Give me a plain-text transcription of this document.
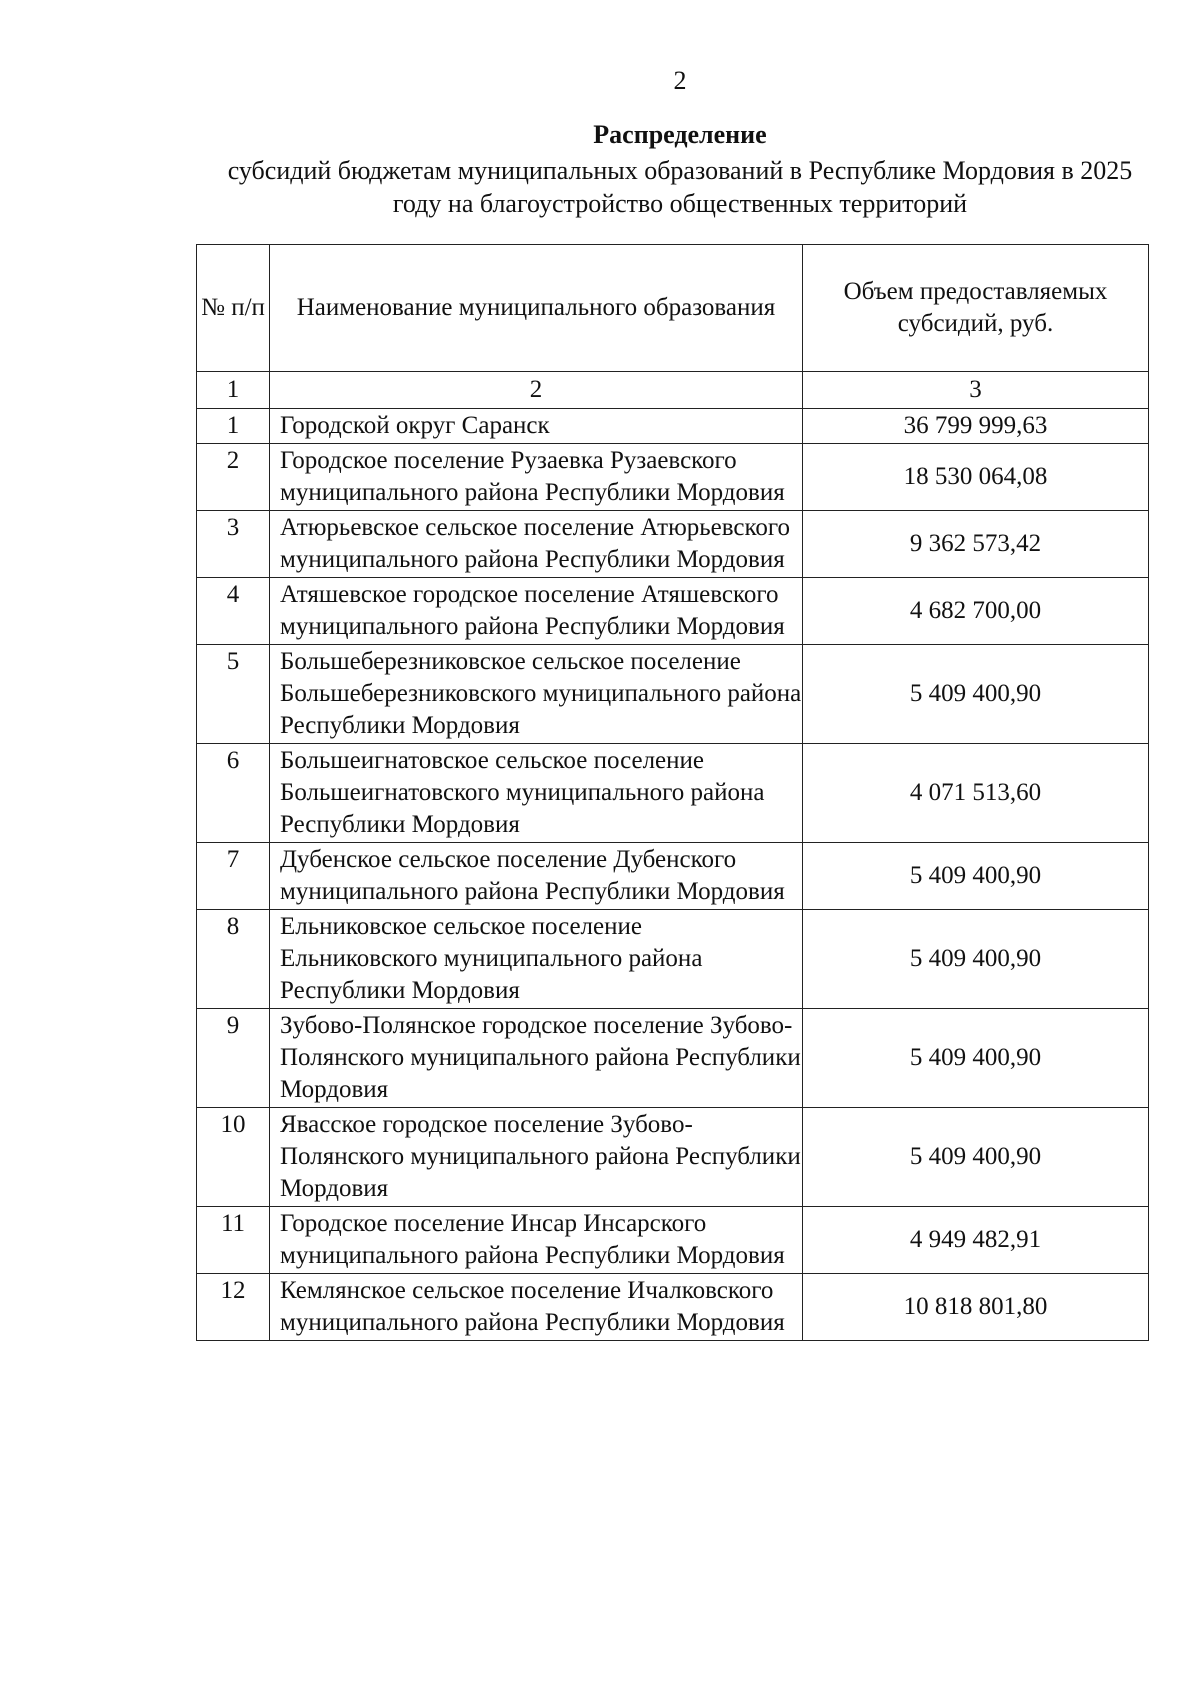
2
Распределение
субсидий бюджетам муниципальных образований в Республике Мордовия в 2025 году на благоустройство общественных территорий
№ п/п	Наименование муниципального образования	Объем предоставляемых субсидий, руб.
1	2	3
1	Городской округ Саранск	36 799 999,63
2	Городское поселение Рузаевка Рузаевского муниципального района Республики Мордовия	18 530 064,08
3	Атюрьевское сельское поселение Атюрьевского муниципального района Республики Мордовия	9 362 573,42
4	Атяшевское городское поселение Атяшевского муниципального района Республики Мордовия	4 682 700,00
5	Большеберезниковское сельское поселение Большеберезниковского муниципального района Республики Мордовия	5 409 400,90
6	Большеигнатовское сельское поселение Большеигнатовского муниципального района Республики Мордовия	4 071 513,60
7	Дубенское сельское поселение Дубенского муниципального района Республики Мордовия	5 409 400,90
8	Ельниковское сельское поселение Ельниковского муниципального района Республики Мордовия	5 409 400,90
9	Зубово-Полянское городское поселение Зубово-Полянского муниципального района Республики Мордовия	5 409 400,90
10	Явасское городское поселение Зубово-Полянского муниципального района Республики Мордовия	5 409 400,90
11	Городское поселение Инсар Инсарского муниципального района Республики Мордовия	4 949 482,91
12	Кемлянское сельское поселение Ичалковского муниципального района Республики Мордовия	10 818 801,80
